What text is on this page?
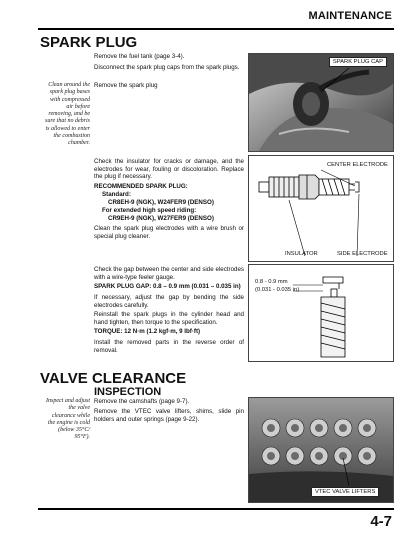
MAINTENANCE
SPARK PLUG
Remove the fuel tank (page 3-4).
Disconnect the spark plug caps from the spark plugs.
Remove the spark plug
Clean around the spark plug bases with compressed air before removing, and be sure that no debris is allowed to enter the combustion chamber.
SPARK PLUG CAP
Check the insulator for cracks or damage, and the electrodes for wear, fouling or discoloration. Replace the plug if necessary.
RECOMMENDED SPARK PLUG:
Standard:
CR8EH-9 (NGK), W24FER9 (DENSO)
For extended high speed riding:
CR9EH-9 (NGK), W27FER9 (DENSO)
Clean the spark plug electrodes with a wire brush or special plug cleaner.
CENTER ELECTRODE
INSULATOR	SIDE ELECTRODE
Check the gap between the center and side electrodes with a wire-type feeler gauge.
SPARK PLUG GAP: 0.8 – 0.9 mm (0.031 – 0.035 in)
If necessary, adjust the gap by bending the side electrodes carefully.
Reinstall the spark plugs in the cylinder head and hand tighten, then torque to the specification.
TORQUE: 12 N·m (1.2 kgf·m, 9 lbf·ft)
Install the removed parts in the reverse order of removal.
0.8 - 0.9 mm
(0.031 - 0.035 in)
VALVE CLEARANCE
INSPECTION
Inspect and adjust the valve clearance while the engine is cold (below 35°C/ 95°F).
Remove the camshafts (page 9-7).
Remove the VTEC valve lifters, shims, slide pin holders and outer springs (page 9-22).
VTEC VALVE LIFTERS
4-7
